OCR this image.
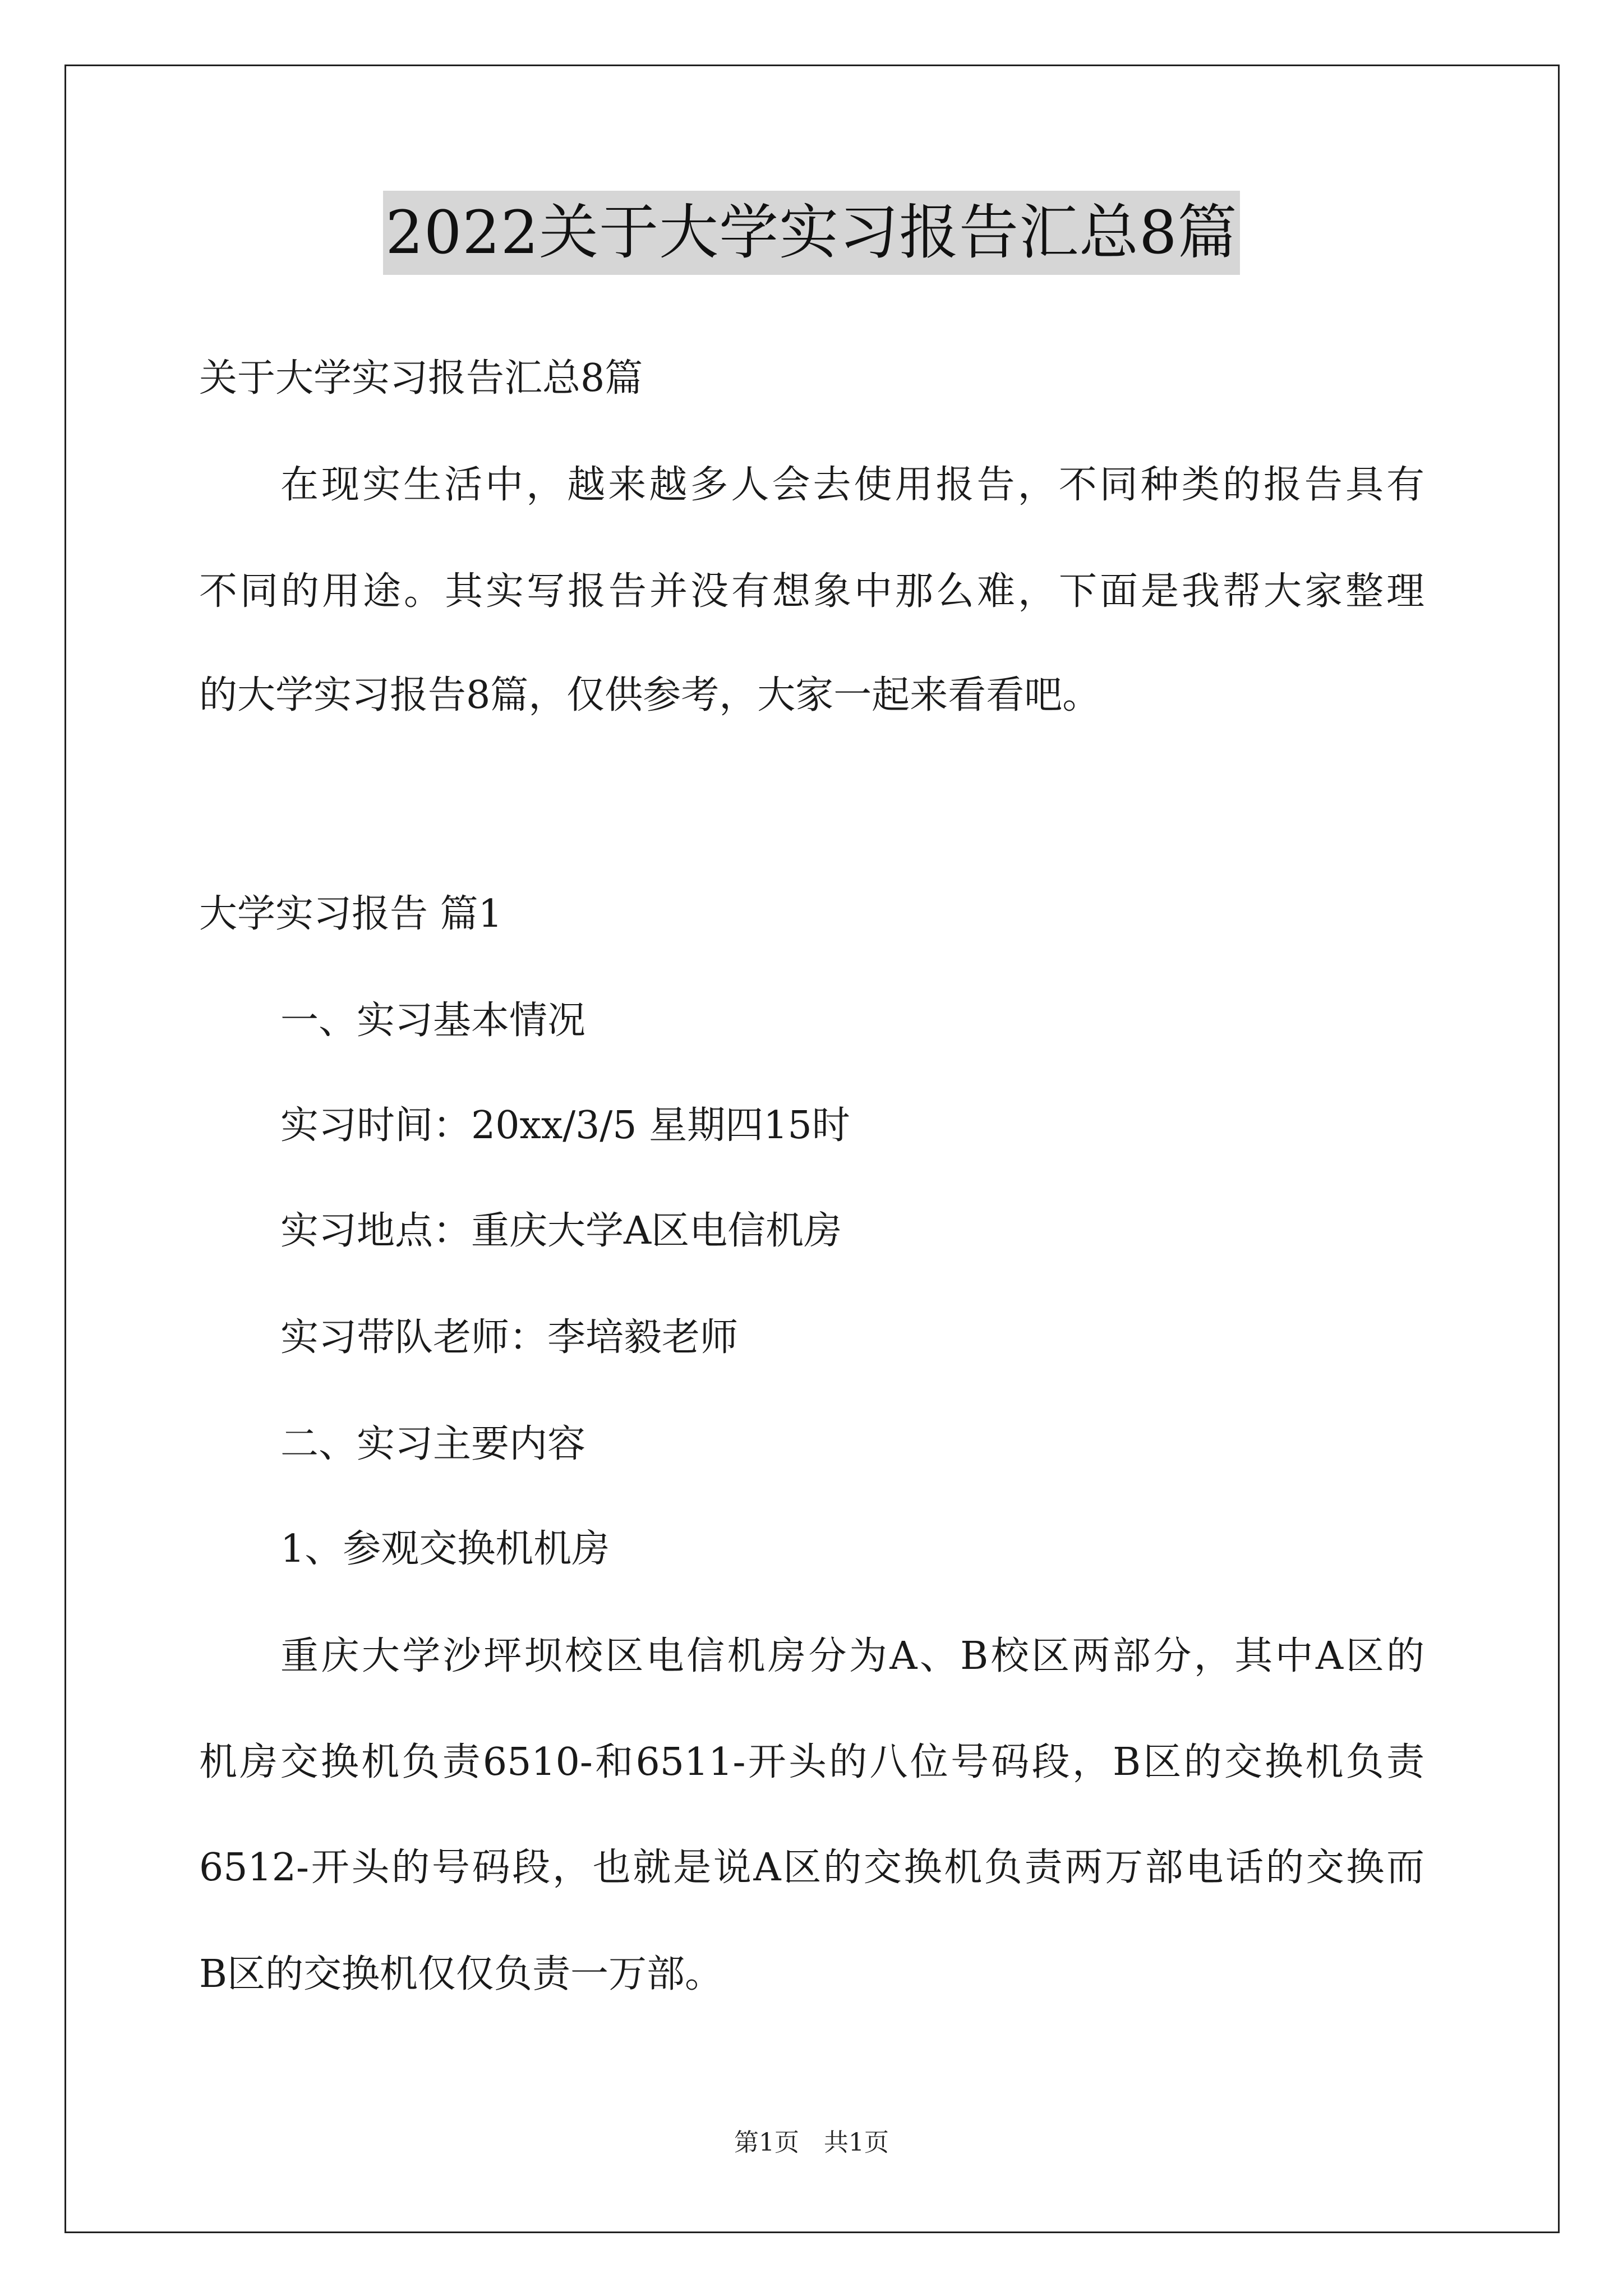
2022关于大学实习报告汇总8篇
关于大学实习报告汇总8篇
在现实生活中，越来越多人会去使用报告，不同种类的报告具有
不同的用途。其实写报告并没有想象中那么难，下面是我帮大家整理
的大学实习报告8篇，仅供参考，大家一起来看看吧。
大学实习报告 篇1
一、实习基本情况
实习时间：20xx/3/5 星期四15时
实习地点：重庆大学A区电信机房
实习带队老师：李培毅老师
二、实习主要内容
1、参观交换机机房
重庆大学沙坪坝校区电信机房分为A、B校区两部分，其中A区的
机房交换机负责6510-和6511-开头的八位号码段，B区的交换机负责
6512-开头的号码段，也就是说A区的交换机负责两万部电话的交换而
B区的交换机仅仅负责一万部。
第1页　共1页
